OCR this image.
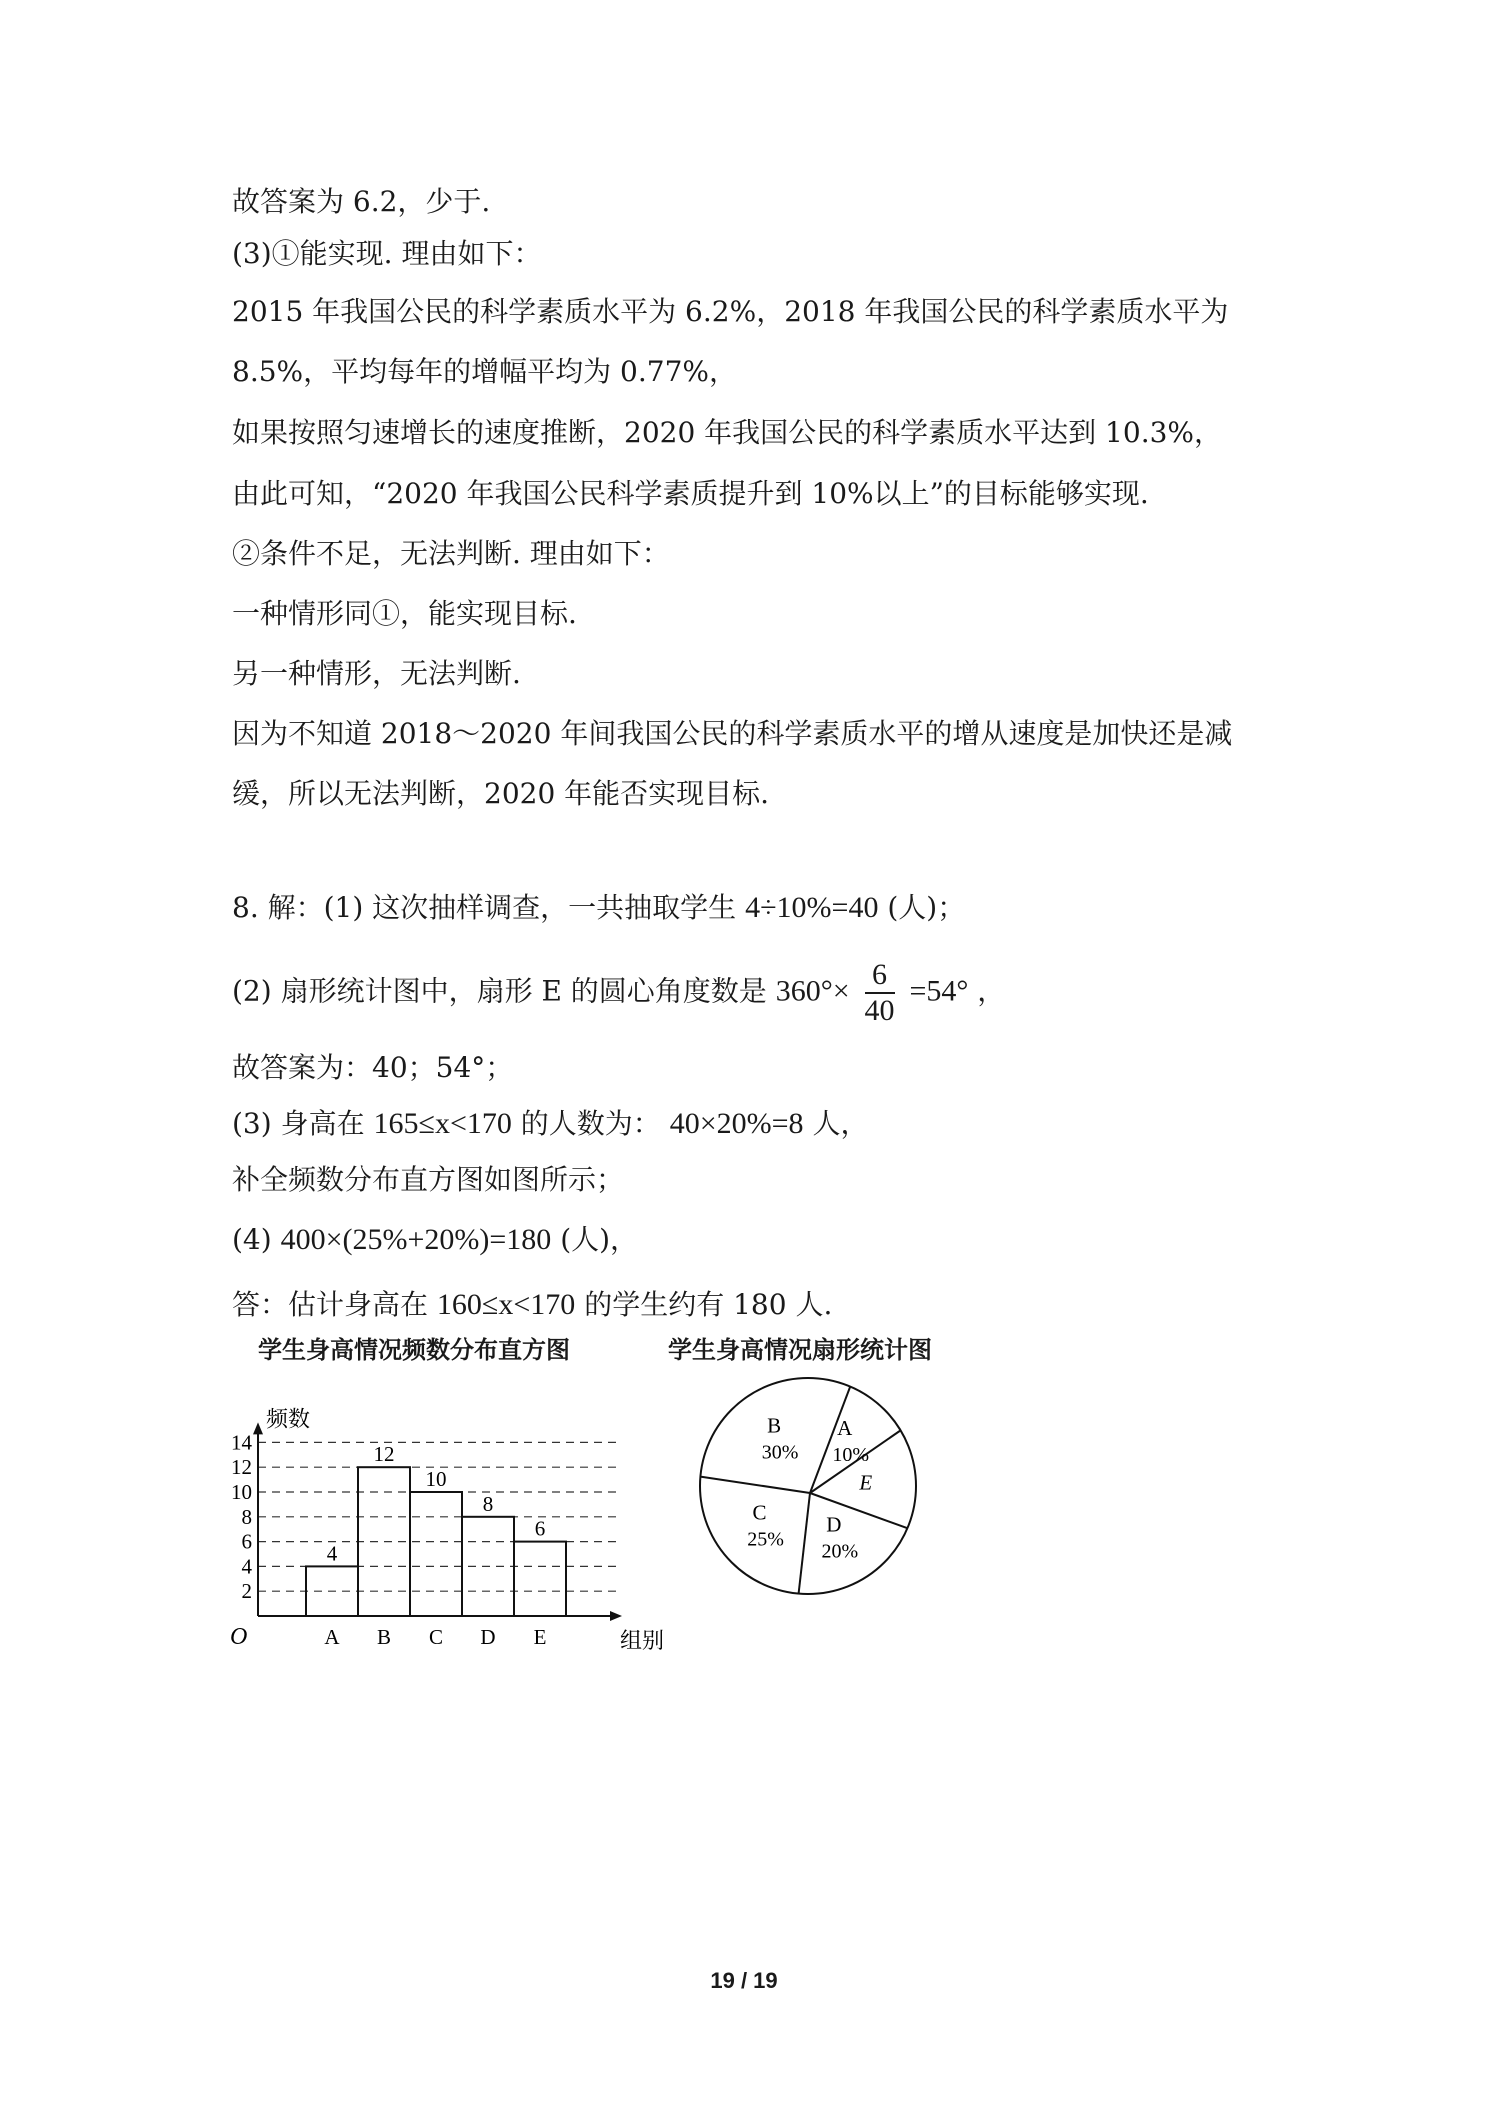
故答案为 6.2，少于.
(3)①能实现. 理由如下：
2015 年我国公民的科学素质水平为 6.2%，2018 年我国公民的科学素质水平为
8.5%，平均每年的增幅平均为 0.77%，
如果按照匀速增长的速度推断，2020 年我国公民的科学素质水平达到 10.3%，
由此可知，“2020 年我国公民科学素质提升到 10%以上”的目标能够实现.
②条件不足，无法判断. 理由如下：
一种情形同①，能实现目标.
另一种情形，无法判断.
因为不知道 2018～2020 年间我国公民的科学素质水平的增从速度是加快还是减
缓，所以无法判断，2020 年能否实现目标.
8. 解：(1) 这次抽样调查，一共抽取学生 4÷10%=40 (人)；
(2) 扇形统计图中，扇形 E 的圆心角度数是 $360^\circ\times \frac{6}{40} =54^\circ$ ，
故答案为：40；54°；
(3) 身高在 165≤x<170 的人数为： 40×20%=8 人，
补全频数分布直方图如图所示；
(4) 400×(25%+20%)=180 (人)，
答：估计身高在 160≤x<170 的学生约有 180 人.
学生身高情况频数分布直方图
2
4
6
8
10
12
14
频数
组别
O
4
A
12
B
10
C
8
D
6
E
学生身高情况扇形统计图
A
10%
E
D
20%
C
25%
B
30%
19 / 19
